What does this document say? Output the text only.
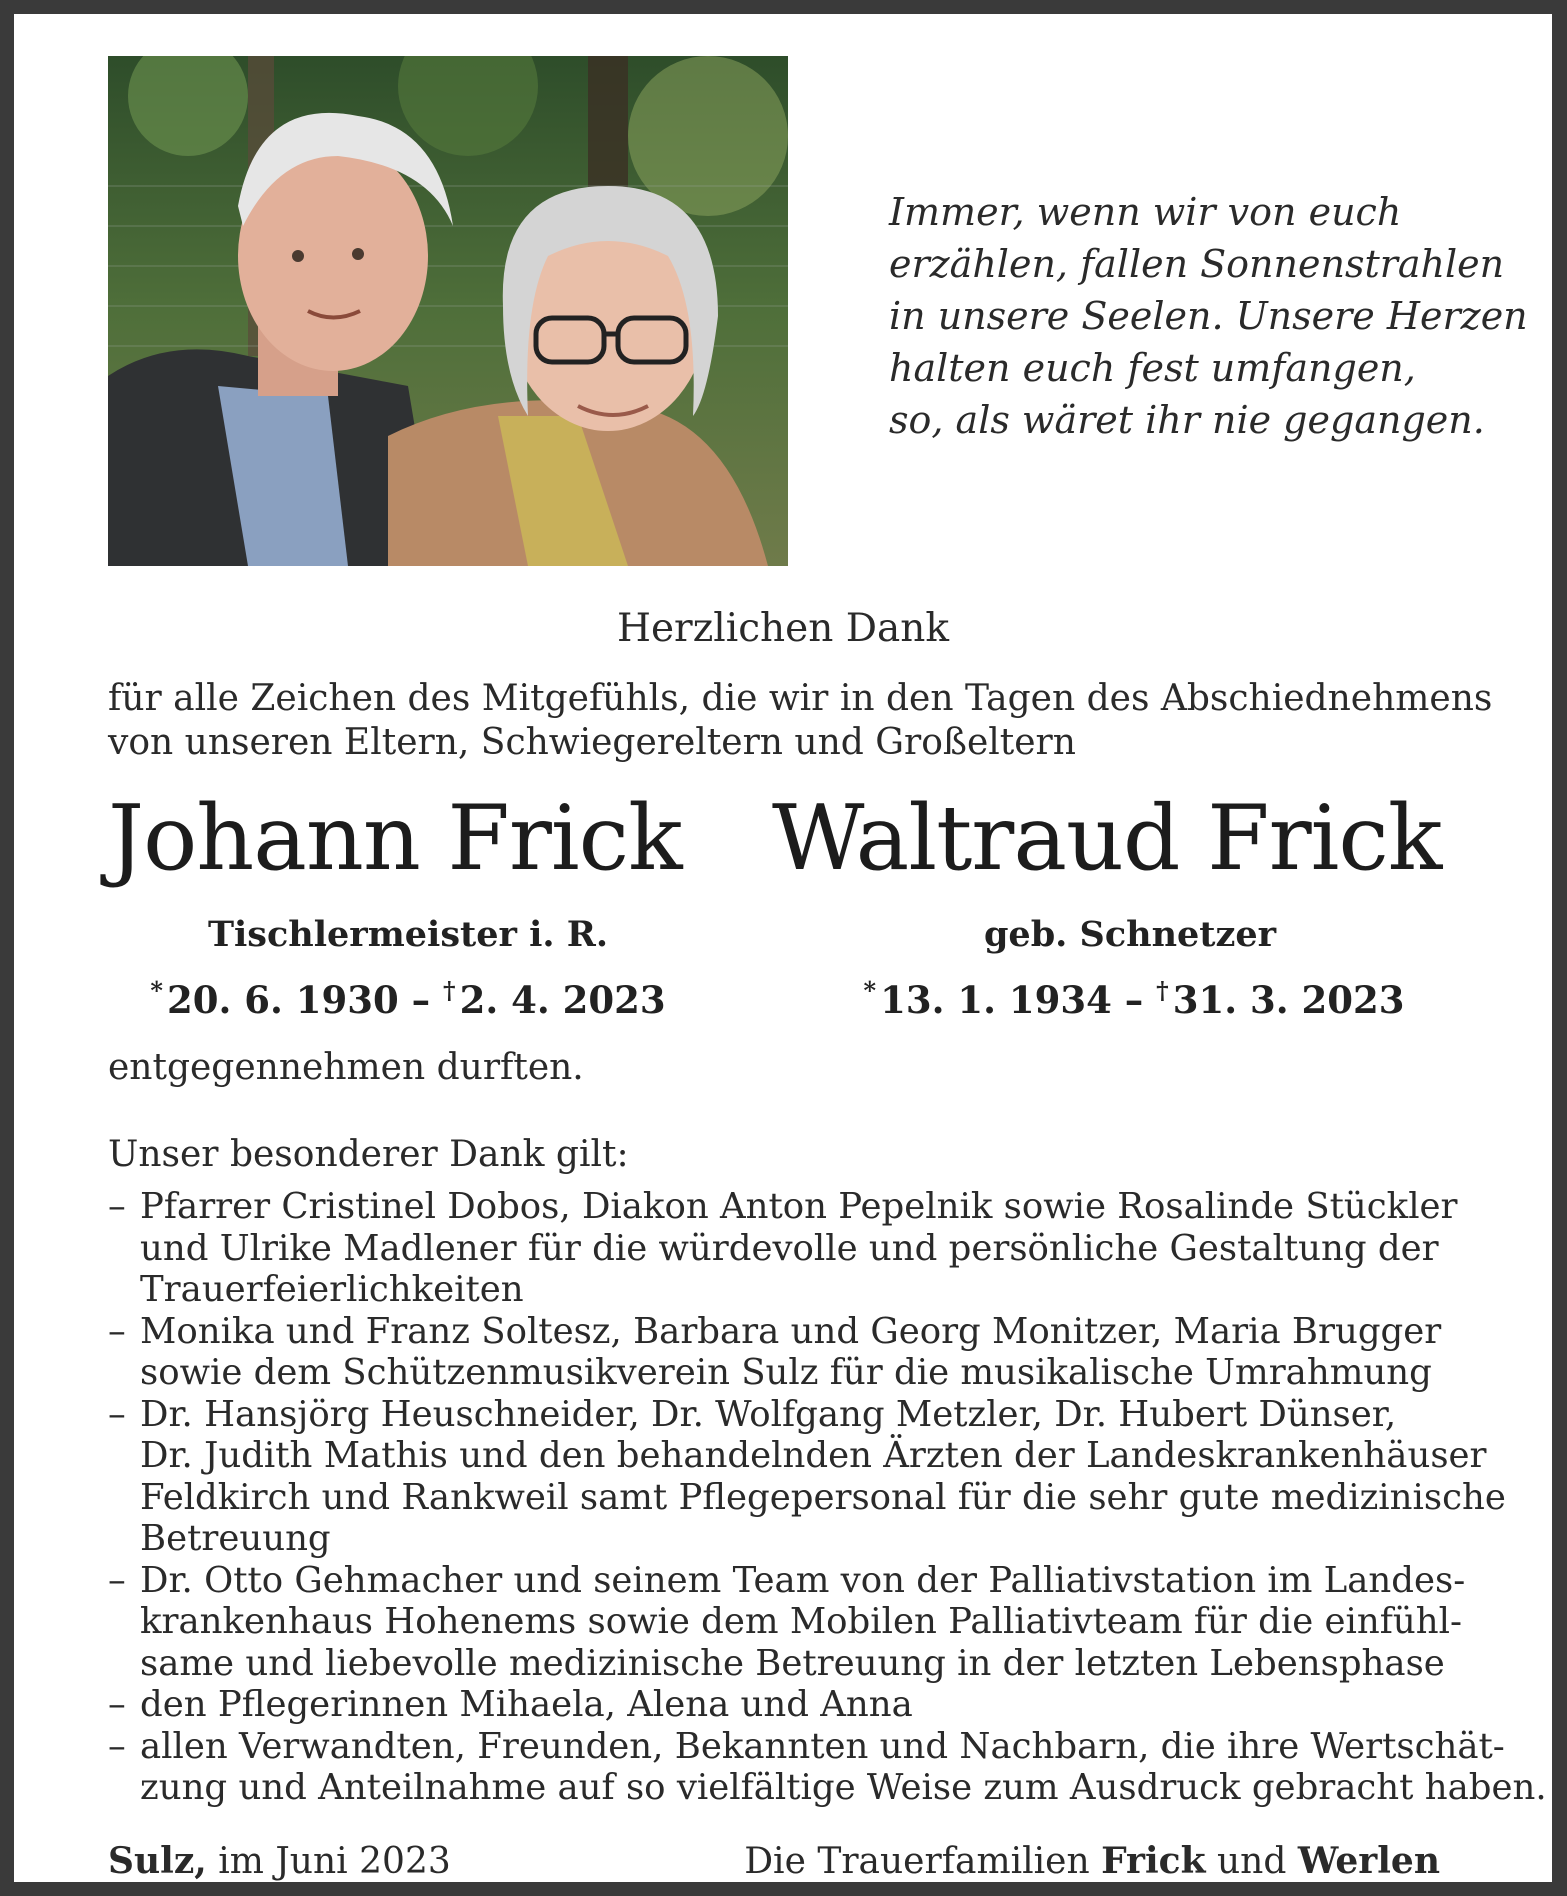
Immer, wenn wir von euch
erzählen, fallen Sonnenstrahlen
in unsere Seelen. Unsere Herzen
halten euch fest umfangen,
so, als wäret ihr nie gegangen.
Herzlichen Dank
für alle Zeichen des Mitgefühls, die wir in den Tagen des Abschiednehmens
von unseren Eltern, Schwiegereltern und Großeltern
Johann Frick Waltraud Frick
Tischlermeister i. R.	geb. Schnetzer
* 20. 6. 1930 – † 2. 4. 2023	* 13. 1. 1934 – † 31. 3. 2023
entgegennehmen durften.
Unser besonderer Dank gilt:
– Pfarrer Cristinel Dobos, Diakon Anton Pepelnik sowie Rosalinde Stückler
und Ulrike Madlener für die würdevolle und persönliche Gestaltung der
Trauerfeierlichkeiten
– Monika und Franz Soltesz, Barbara und Georg Monitzer, Maria Brugger
sowie dem Schützenmusikverein Sulz für die musikalische Umrahmung
– Dr. Hansjörg Heuschneider, Dr. Wolfgang Metzler, Dr. Hubert Dünser,
Dr. Judith Mathis und den behandelnden Ärzten der Landeskrankenhäuser
Feldkirch und Rankweil samt Pflegepersonal für die sehr gute medizinische
Betreuung
– Dr. Otto Gehmacher und seinem Team von der Palliativstation im Landes-
krankenhaus Hohenems sowie dem Mobilen Palliativteam für die einfühl-
same und liebevolle medizinische Betreuung in der letzten Lebensphase
– den Pflegerinnen Mihaela, Alena und Anna
– allen Verwandten, Freunden, Bekannten und Nachbarn, die ihre Wertschät-
zung und Anteilnahme auf so vielfältige Weise zum Ausdruck gebracht haben.
Sulz, im Juni 2023	Die Trauerfamilien Frick und Werlen
